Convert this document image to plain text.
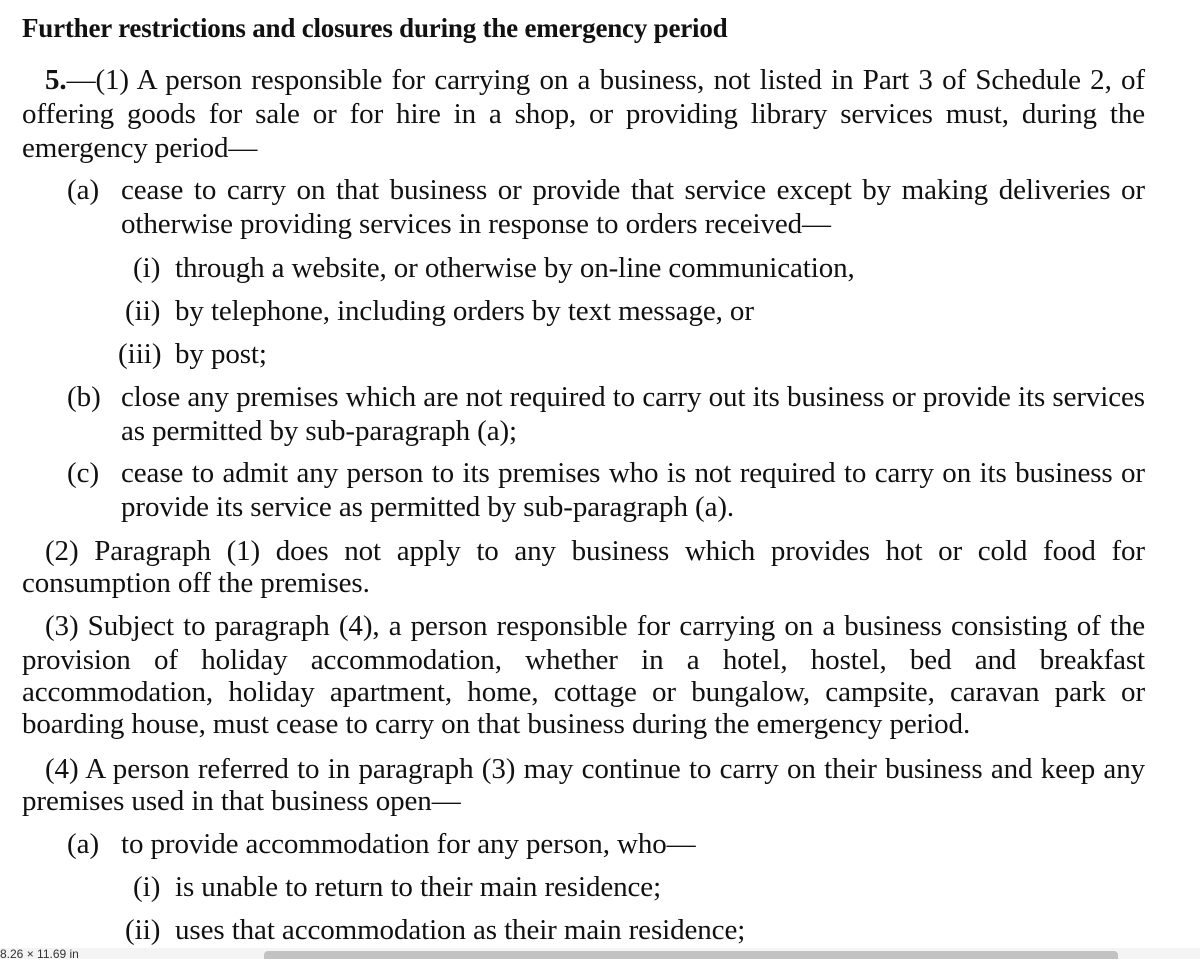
Further restrictions and closures during the emergency period
5.—(1) A person responsible for carrying on a business, not listed in Part 3 of Schedule 2, of
offering goods for sale or for hire in a shop, or providing library services must, during the
emergency period—
(a) cease to carry on that business or provide that service except by making deliveries or
otherwise providing services in response to orders received—
(i) through a website, or otherwise by on-line communication,
(ii) by telephone, including orders by text message, or
(iii) by post;
(b) close any premises which are not required to carry out its business or provide its services
as permitted by sub-paragraph (a);
(c) cease to admit any person to its premises who is not required to carry on its business or
provide its service as permitted by sub-paragraph (a).
(2) Paragraph (1) does not apply to any business which provides hot or cold food for
consumption off the premises.
(3) Subject to paragraph (4), a person responsible for carrying on a business consisting of the
provision of holiday accommodation, whether in a hotel, hostel, bed and breakfast
accommodation, holiday apartment, home, cottage or bungalow, campsite, caravan park or
boarding house, must cease to carry on that business during the emergency period.
(4) A person referred to in paragraph (3) may continue to carry on their business and keep any
premises used in that business open—
(a) to provide accommodation for any person, who—
(i) is unable to return to their main residence;
(ii) uses that accommodation as their main residence;
8.26 × 11.69 in
